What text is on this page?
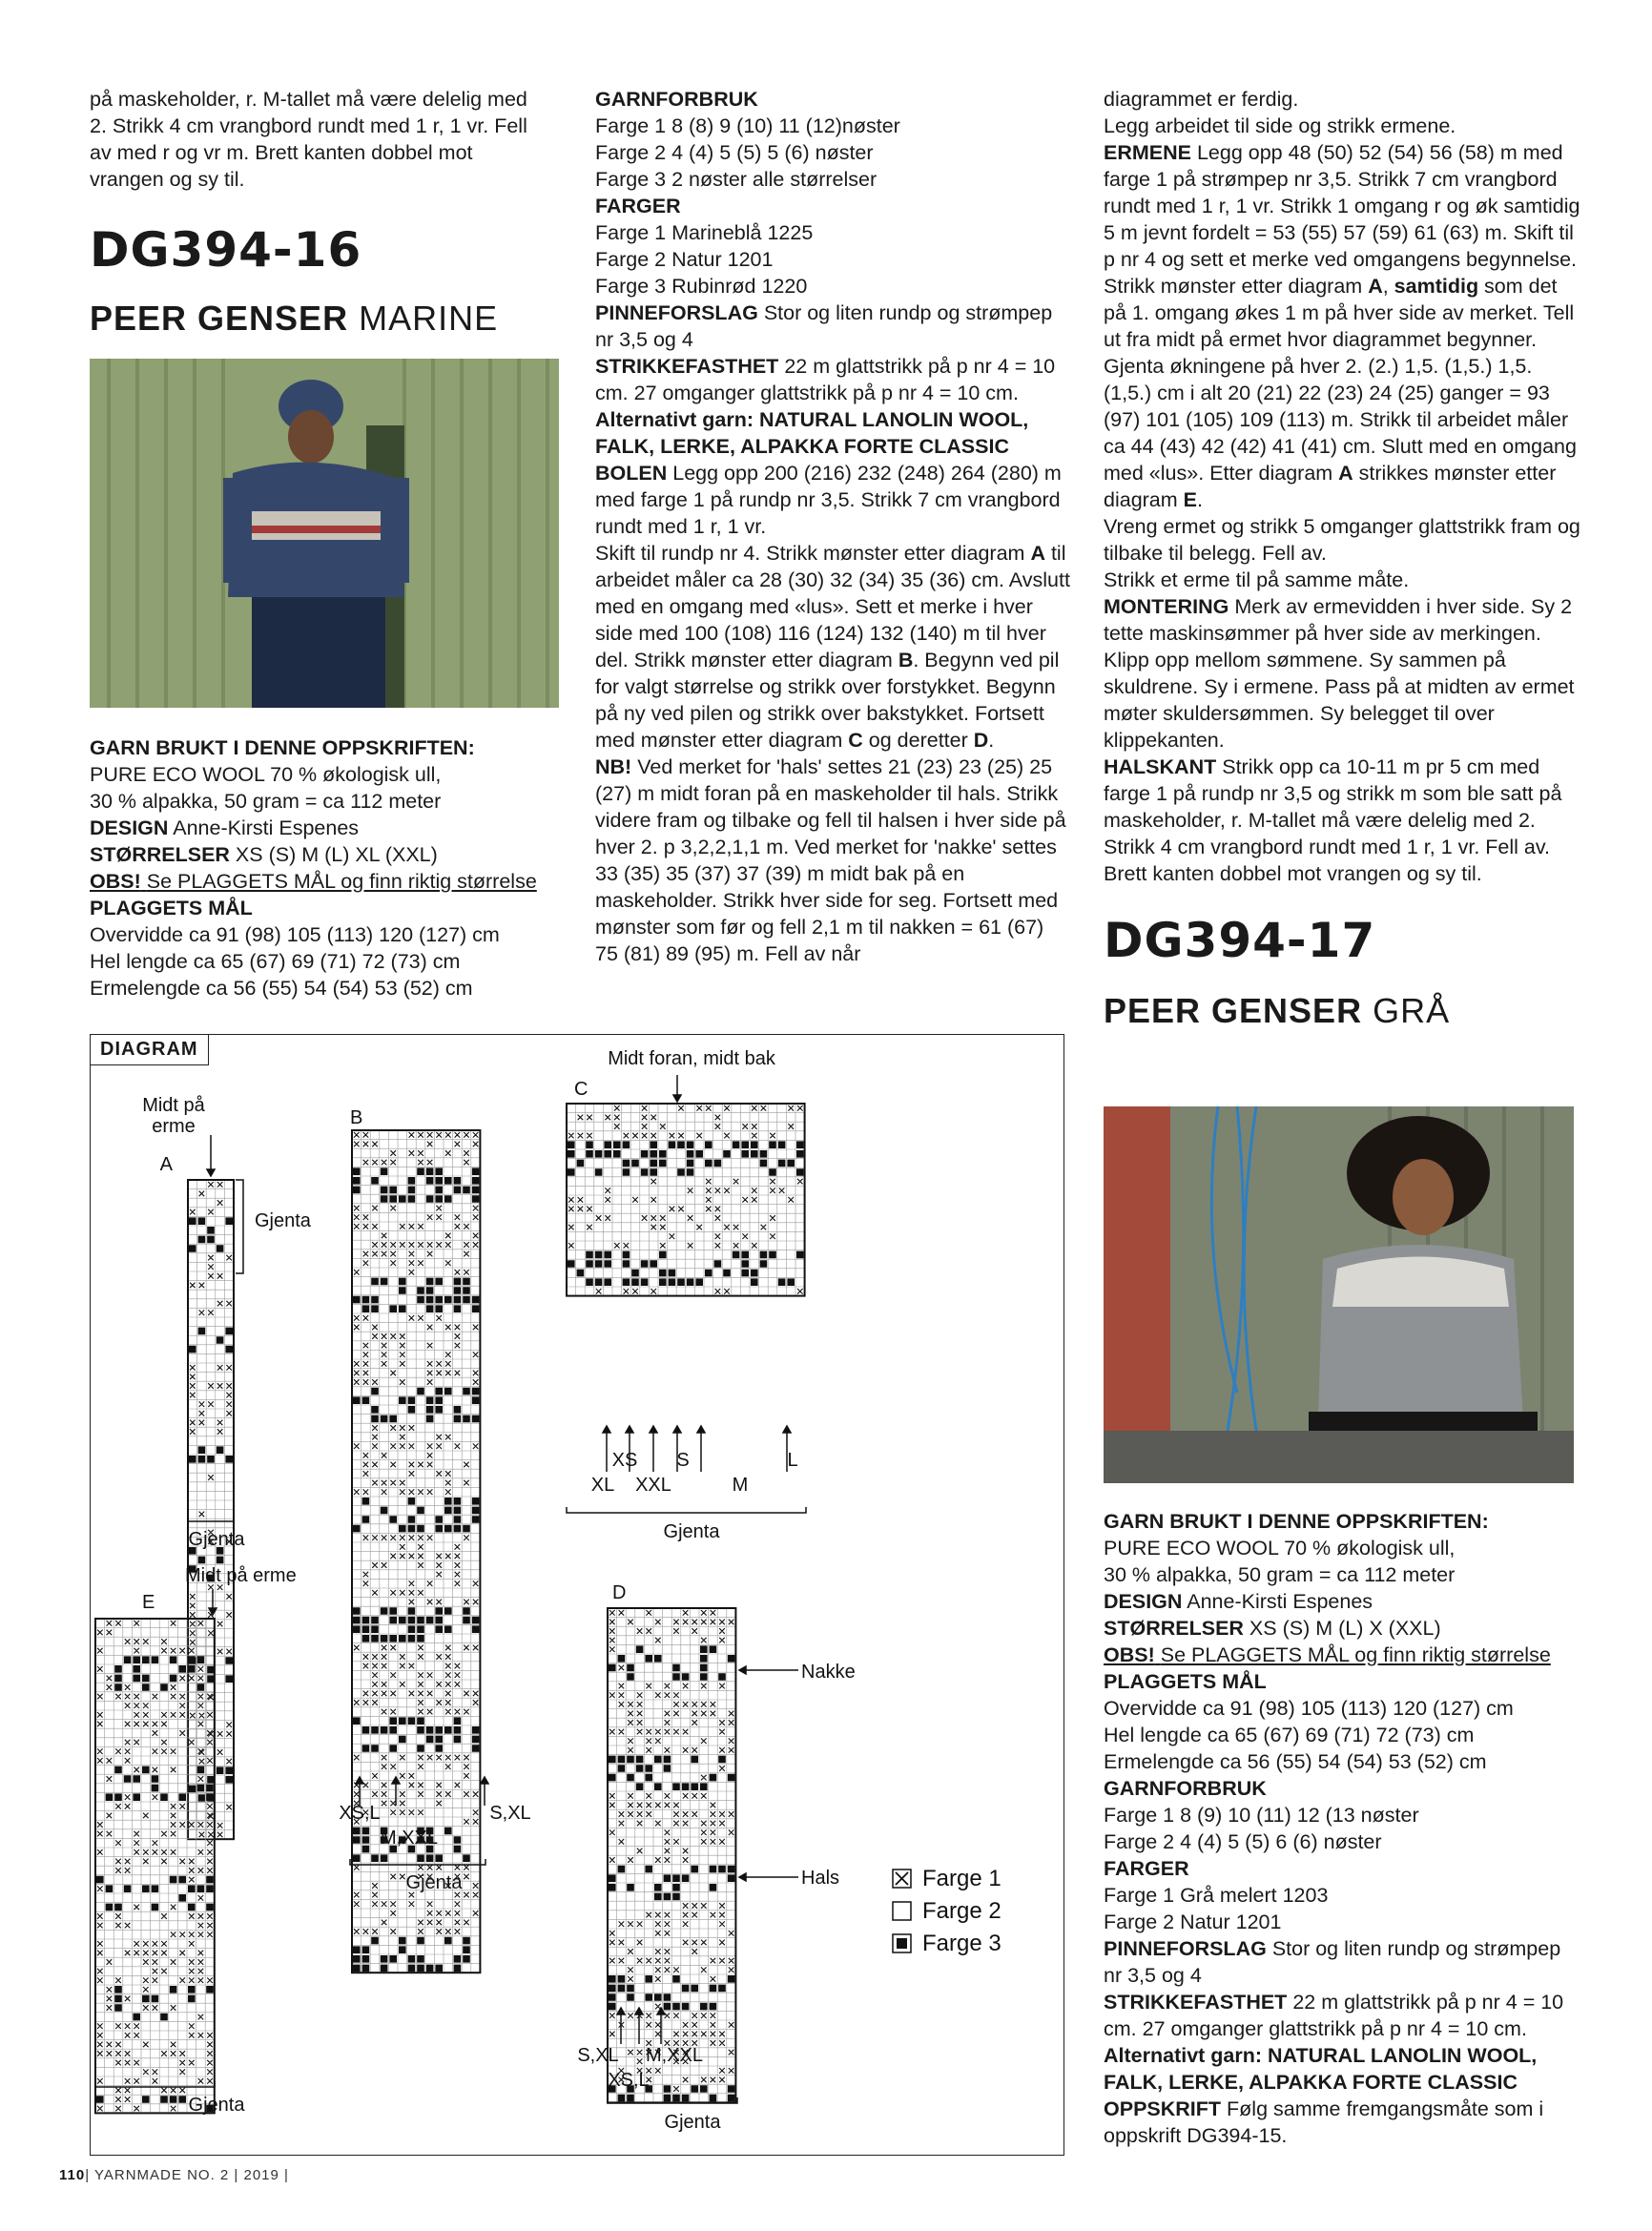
på maskeholder, r. M-tallet må være delelig med 2. Strikk 4 cm vrangbord rundt med 1 r, 1 vr. Fell av med r og vr m. Brett kanten dobbel mot vrangen og sy til.

DG394-16
PEER GENSER MARINE

GARN BRUKT I DENNE OPPSKRIFTEN:

PURE ECO WOOL 70 % økologisk ull,

30 % alpakka, 50 gram = ca 112 meter

DESIGN Anne-Kirsti Espenes

STØRRELSER XS (S) M (L) XL (XXL)

OBS! Se PLAGGETS MÅL og finn riktig størrelse

PLAGGETS MÅL

Overvidde ca 91 (98) 105 (113) 120 (127) cm

Hel lengde ca 65 (67) 69 (71) 72 (73) cm

Ermelengde ca 56 (55) 54 (54) 53 (52) cm

GARNFORBRUK

Farge 1 8 (8) 9 (10) 11 (12)nøster

Farge 2 4 (4) 5 (5) 5 (6) nøster

Farge 3 2 nøster alle størrelser

FARGER

Farge 1 Marineblå 1225

Farge 2 Natur 1201

Farge 3 Rubinrød 1220

PINNEFORSLAG Stor og liten rundp og strømpep nr 3,5 og 4

STRIKKEFASTHET 22 m glattstrikk på p nr 4 = 10 cm. 27 omganger glattstrikk på p nr 4 = 10 cm.

Alternativt garn: NATURAL LANOLIN WOOL, FALK, LERKE, ALPAKKA FORTE CLASSIC

BOLEN Legg opp 200 (216) 232 (248) 264 (280) m med farge 1 på rundp nr 3,5. Strikk 7 cm vrangbord rundt med 1 r, 1 vr.

Skift til rundp nr 4. Strikk mønster etter diagram A til arbeidet måler ca 28 (30) 32 (34) 35 (36) cm. Avslutt med en omgang med «lus». Sett et merke i hver side med 100 (108) 116 (124) 132 (140) m til hver del. Strikk mønster etter diagram B. Begynn ved pil for valgt størrelse og strikk over forstykket. Begynn på ny ved pilen og strikk over bakstykket. Fortsett med mønster etter diagram C og deretter D.

NB! Ved merket for 'hals' settes 21 (23) 23 (25) 25 (27) m midt foran på en maskeholder til hals. Strikk videre fram og tilbake og fell til halsen i hver side på hver 2. p 3,2,2,1,1 m. Ved merket for 'nakke' settes 33 (35) 35 (37) 37 (39) m midt bak på en maskeholder. Strikk hver side for seg. Fortsett med mønster som før og fell 2,1 m til nakken = 61 (67) 75 (81) 89 (95) m. Fell av når

diagrammet er ferdig.

Legg arbeidet til side og strikk ermene.

ERMENE Legg opp 48 (50) 52 (54) 56 (58) m med farge 1 på strømpep nr 3,5. Strikk 7 cm vrangbord rundt med 1 r, 1 vr. Strikk 1 omgang r og øk samtidig 5 m jevnt fordelt = 53 (55) 57 (59) 61 (63) m. Skift til p nr 4 og sett et merke ved omgangens begynnelse. Strikk mønster etter diagram A, samtidig som det på 1. omgang økes 1 m på hver side av merket. Tell ut fra midt på ermet hvor diagrammet begynner. Gjenta økningene på hver 2. (2.) 1,5. (1,5.) 1,5. (1,5.) cm i alt 20 (21) 22 (23) 24 (25) ganger = 93 (97) 101 (105) 109 (113) m. Strikk til arbeidet måler ca 44 (43) 42 (42) 41 (41) cm. Slutt med en omgang med «lus». Etter diagram A strikkes mønster etter diagram E.

Vreng ermet og strikk 5 omganger glattstrikk fram og tilbake til belegg. Fell av.

Strikk et erme til på samme måte.

MONTERING Merk av ermevidden i hver side. Sy 2 tette maskinsømmer på hver side av merkingen. Klipp opp mellom sømmene. Sy sammen på skuldrene. Sy i ermene. Pass på at midten av ermet møter skuldersømmen. Sy belegget til over klippekanten.

HALSKANT Strikk opp ca 10-11 m pr 5 cm med farge 1 på rundp nr 3,5 og strikk m som ble satt på maskeholder, r. M-tallet må være delelig med 2. Strikk 4 cm vrangbord rundt med 1 r, 1 vr. Fell av. Brett kanten dobbel mot vrangen og sy til.

DG394-17
PEER GENSER GRÅ

GARN BRUKT I DENNE OPPSKRIFTEN:

PURE ECO WOOL 70 % økologisk ull,

30 % alpakka, 50 gram = ca 112 meter

DESIGN Anne-Kirsti Espenes

STØRRELSER XS (S) M (L) X (XXL)

OBS! Se PLAGGETS MÅL og finn riktig størrelse

PLAGGETS MÅL

Overvidde ca 91 (98) 105 (113) 120 (127) cm

Hel lengde ca 65 (67) 69 (71) 72 (73) cm

Ermelengde ca 56 (55) 54 (54) 53 (52) cm

GARNFORBRUK

Farge 1 8 (9) 10 (11) 12 (13 nøster

Farge 2 4 (4) 5 (5) 6 (6) nøster

FARGER

Farge 1 Grå melert 1203

Farge 2 Natur 1201

PINNEFORSLAG Stor og liten rundp og strømpep nr 3,5 og 4

STRIKKEFASTHET 22 m glattstrikk på p nr 4 = 10 cm. 27 omganger glattstrikk på p nr 4 = 10 cm.

Alternativt garn: NATURAL LANOLIN WOOL, FALK, LERKE, ALPAKKA FORTE CLASSIC

OPPSKRIFT Følg samme fremgangsmåte som i oppskrift DG394-15.

Midt på
erme
A
Gjenta
Gjenta
B
XS,L	S,XL
M,XXL
Gjenta
Midt foran, midt bak
C
XS S	L
XL XXL	M
Gjenta
D
Nakke
Hals
S,XL M,XXL
XS,L
Gjenta
Midt på erme
E
Gjenta
Farge 1
Farge 2
Farge 3
DIAGRAM
110| YARNMADE NO. 2 | 2019 |
